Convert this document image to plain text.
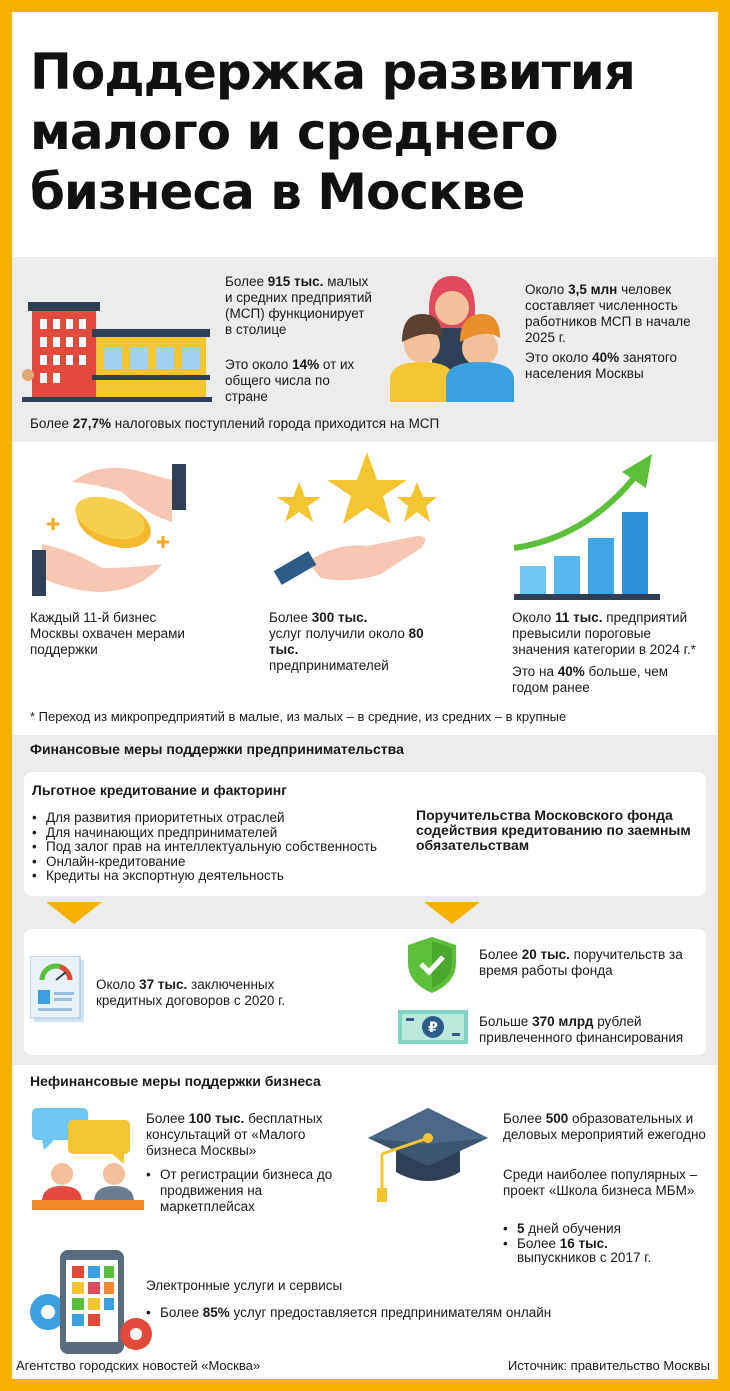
Поддержка развития малого и среднего бизнеса в Москве
Более 915 тыс. малых и средних предприятий (МСП) функционирует в столице
Это около 14% от их общего числа по стране
Около 3,5 млн человек составляет численность работников МСП в начале 2025 г.
Это около 40% занятого населения Москвы
Более 27,7% налоговых поступлений города приходится на МСП
Каждый 11-й бизнес Москвы охвачен мерами поддержки
Более 300 тыс.
услуг получили около 80 тыс.
предпринимателей
Около 11 тыс. предприятий превысили пороговые значения категории в 2024 г.*
Это на 40% больше, чем годом ранее
* Переход из микропредприятий в малые, из малых – в средние, из средних – в крупные
Финансовые меры поддержки предпринимательства
Льготное кредитование и факторинг
• Для развития приоритетных отраслей
• Для начинающих предпринимателей
• Под залог прав на интеллектуальную собственность
• Онлайн-кредитование
• Кредиты на экспортную деятельность
Поручительства Московского фонда содействия кредитованию по заемным обязательствам
Около 37 тыс. заключенных кредитных договоров с 2020 г.
Более 20 тыс. поручительств за время работы фонда
₽	Больше 370 млрд рублей привлеченного финансирования
Нефинансовые меры поддержки бизнеса
Более 100 тыс. бесплатных консультаций от «Малого бизнеса Москвы»
• От регистрации бизнеса до продвижения на маркетплейсах
Более 500 образовательных и деловых мероприятий ежегодно
Среди наиболее популярных – проект «Школа бизнеса МБМ»
• 5 дней обучения
• Более 16 тыс.
выпускников с 2017 г.
Электронные услуги и сервисы
• Более 85% услуг предоставляется предпринимателям онлайн
Агентство городских новостей «Москва»	Источник: правительство Москвы
